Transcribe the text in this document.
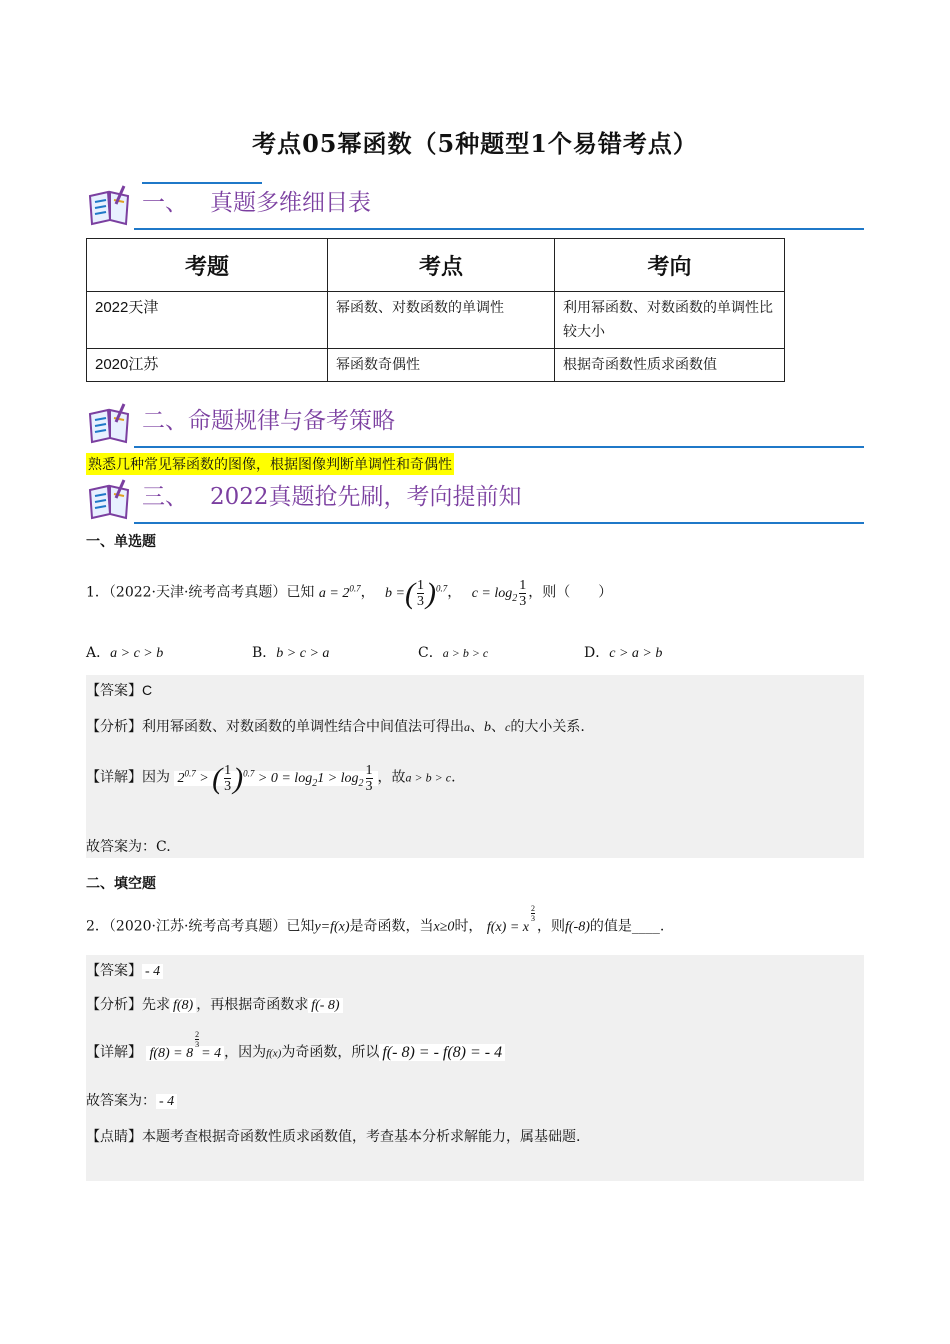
考点05幂函数（5种题型1个易错考点）
一、 真题多维细目表
考题	考点	考向
2022天津	幂函数、对数函数的单调性	利用幂函数、对数函数的单调性比较大小
2020江苏	幂函数奇偶性	根据奇函数性质求函数值
二、命题规律与备考策略
熟悉几种常见幂函数的图像，根据图像判断单调性和奇偶性
三、 2022真题抢先刷，考向提前知
一、单选题
1．（2022·天津·统考高考真题）已知 $a = 2^{0.7}$， b =( $\frac{1}{3} )^{0.7}$， $c = \log_2 \frac{1}{3}$ ，则（　　）
A．a > c > b	B．b > c > a	C．a > b > c	D．c > a > b
【答案】C
【分析】利用幂函数、对数函数的单调性结合中间值法可得出a、b、c的大小关系.
【详解】因为 $2^{0.7}$ > ( $\frac{1}{3} )^{0.7} > 0 = \log_21 > \log_2 \frac{1}{3}$ ，故a > b > c.
故答案为：C.
二、填空题
2．（2020·江苏·统考高考真题）已知y=f(x)是奇函数，当x≥0时， f(x) = x
$^{\frac{2}{3}}$
，则f(-8)的值是____.
【答案】 - 4
【分析】先求 f(8) ，再根据奇函数求 f(- 8)
【详解】 f(8) = 8
$^{\frac{2}{3}}$
= 4 ，因为f(x)为奇函数，所以 f(- 8) = - f(8) = - 4
故答案为： - 4
【点睛】本题考查根据奇函数性质求函数值，考查基本分析求解能力，属基础题.
